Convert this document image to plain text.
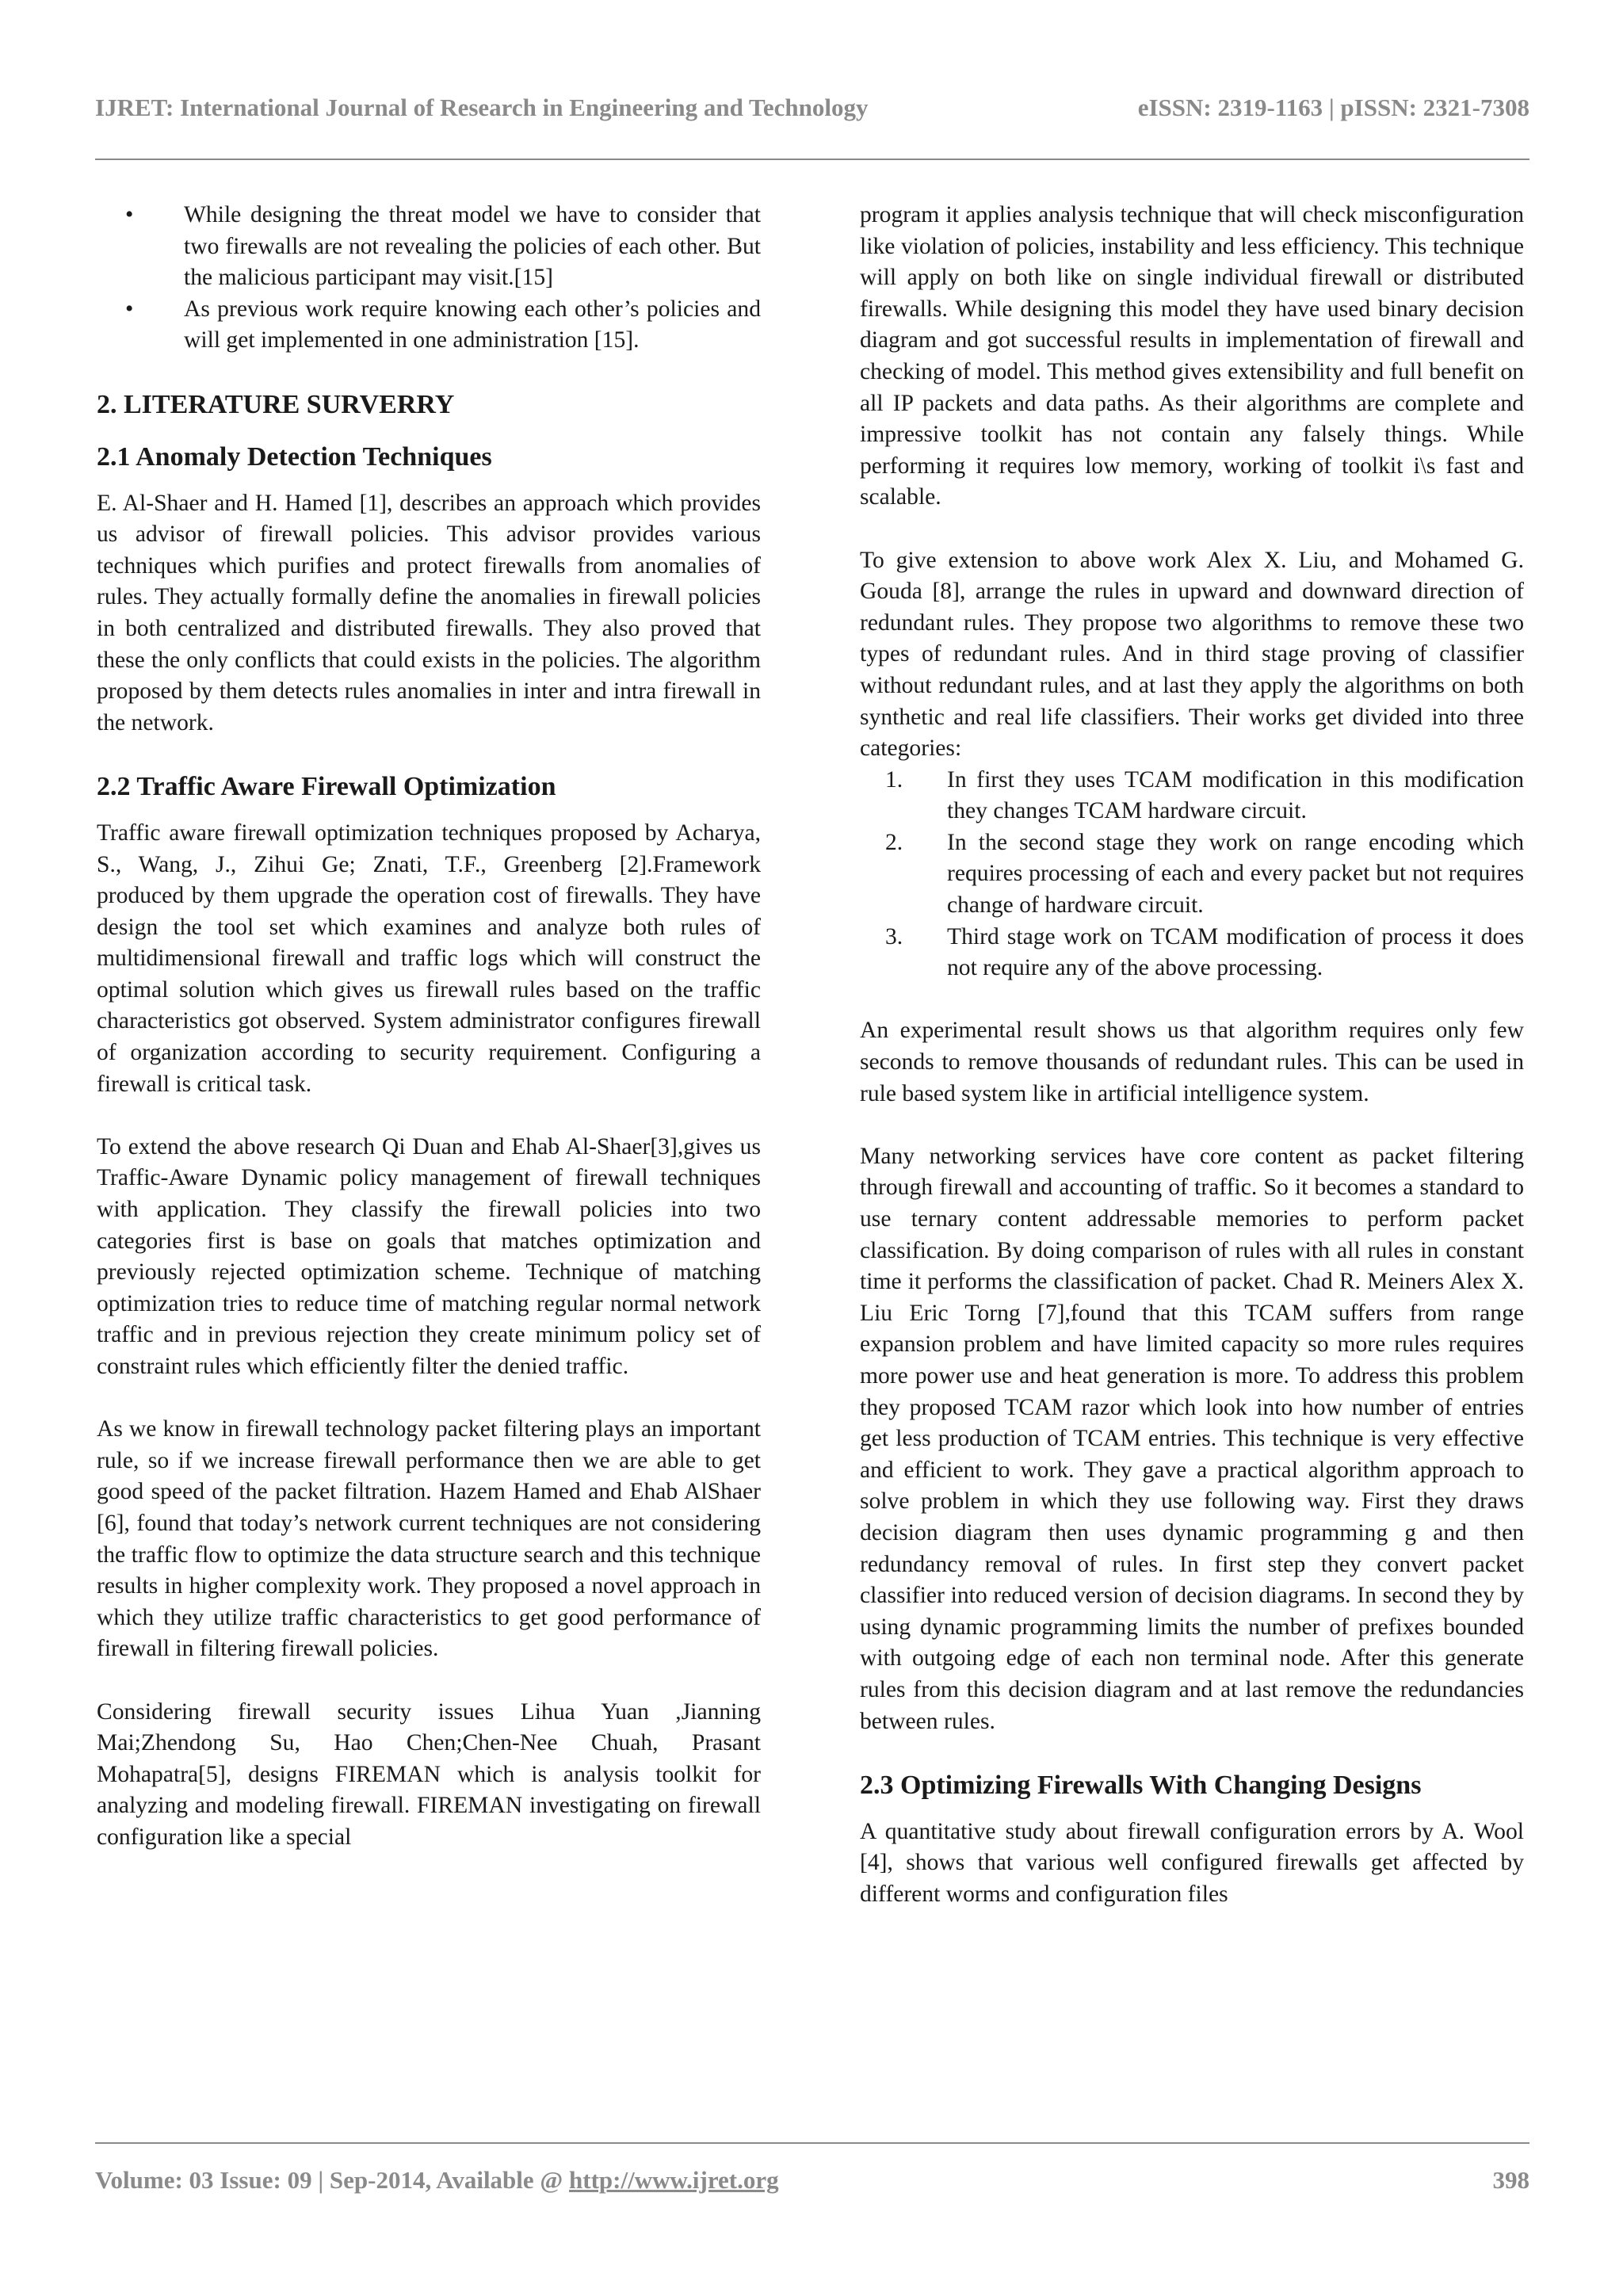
IJRET: International Journal of Research in Engineering and Technology	eISSN: 2319-1163 | pISSN: 2321-7308
• While designing the threat model we have to consider that two firewalls are not revealing the policies of each other. But the malicious participant may visit.[15]
• As previous work require knowing each other’s policies and will get implemented in one administration [15].
2. LITERATURE SURVERRY
2.1 Anomaly Detection Techniques

E. Al-Shaer and H. Hamed [1], describes an approach which provides us advisor of firewall policies. This advisor provides various techniques which purifies and protect firewalls from anomalies of rules. They actually formally define the anomalies in firewall policies in both centralized and distributed firewalls. They also proved that these the only conflicts that could exists in the policies. The algorithm proposed by them detects rules anomalies in inter and intra firewall in the network.

2.2 Traffic Aware Firewall Optimization

Traffic aware firewall optimization techniques proposed by Acharya, S., Wang, J., Zihui Ge; Znati, T.F., Greenberg [2].Framework produced by them upgrade the operation cost of firewalls. They have design the tool set which examines and analyze both rules of multidimensional firewall and traffic logs which will construct the optimal solution which gives us firewall rules based on the traffic characteristics got observed. System administrator configures firewall of organization according to security requirement. Configuring a firewall is critical task.

To extend the above research Qi Duan and Ehab Al-Shaer[3],gives us Traffic-Aware Dynamic policy management of firewall techniques with application. They classify the firewall policies into two categories first is base on goals that matches optimization and previously rejected optimization scheme. Technique of matching optimization tries to reduce time of matching regular normal network traffic and in previous rejection they create minimum policy set of constraint rules which efficiently filter the denied traffic.

As we know in firewall technology packet filtering plays an important rule, so if we increase firewall performance then we are able to get good speed of the packet filtration. Hazem Hamed and Ehab AlShaer [6], found that today’s network current techniques are not considering the traffic flow to optimize the data structure search and this technique results in higher complexity work. They proposed a novel approach in which they utilize traffic characteristics to get good performance of firewall in filtering firewall policies.

Considering firewall security issues Lihua Yuan ,Jianning Mai;Zhendong Su, Hao Chen;Chen-Nee Chuah, Prasant Mohapatra[5], designs FIREMAN which is analysis toolkit for analyzing and modeling firewall. FIREMAN investigating on firewall configuration like a special

program it applies analysis technique that will check misconfiguration like violation of policies, instability and less efficiency. This technique will apply on both like on single individual firewall or distributed firewalls. While designing this model they have used binary decision diagram and got successful results in implementation of firewall and checking of model. This method gives extensibility and full benefit on all IP packets and data paths. As their algorithms are complete and impressive toolkit has not contain any falsely things. While performing it requires low memory, working of toolkit i\s fast and scalable.

To give extension to above work Alex X. Liu, and Mohamed G. Gouda [8], arrange the rules in upward and downward direction of redundant rules. They propose two algorithms to remove these two types of redundant rules. And in third stage proving of classifier without redundant rules, and at last they apply the algorithms on both synthetic and real life classifiers. Their works get divided into three categories:

1. In first they uses TCAM modification in this modification they changes TCAM hardware circuit.
2. In the second stage they work on range encoding which requires processing of each and every packet but not requires change of hardware circuit.
3. Third stage work on TCAM modification of process it does not require any of the above processing.

An experimental result shows us that algorithm requires only few seconds to remove thousands of redundant rules. This can be used in rule based system like in artificial intelligence system.

Many networking services have core content as packet filtering through firewall and accounting of traffic. So it becomes a standard to use ternary content addressable memories to perform packet classification. By doing comparison of rules with all rules in constant time it performs the classification of packet. Chad R. Meiners Alex X. Liu Eric Torng [7],found that this TCAM suffers from range expansion problem and have limited capacity so more rules requires more power use and heat generation is more. To address this problem they proposed TCAM razor which look into how number of entries get less production of TCAM entries. This technique is very effective and efficient to work. They gave a practical algorithm approach to solve problem in which they use following way. First they draws decision diagram then uses dynamic programming g and then redundancy removal of rules. In first step they convert packet classifier into reduced version of decision diagrams. In second they by using dynamic programming limits the number of prefixes bounded with outgoing edge of each non terminal node. After this generate rules from this decision diagram and at last remove the redundancies between rules.

2.3 Optimizing Firewalls With Changing Designs

A quantitative study about firewall configuration errors by A. Wool [4], shows that various well configured firewalls get affected by different worms and configuration files

Volume: 03 Issue: 09 | Sep-2014, Available @ http://www.ijret.org	398
